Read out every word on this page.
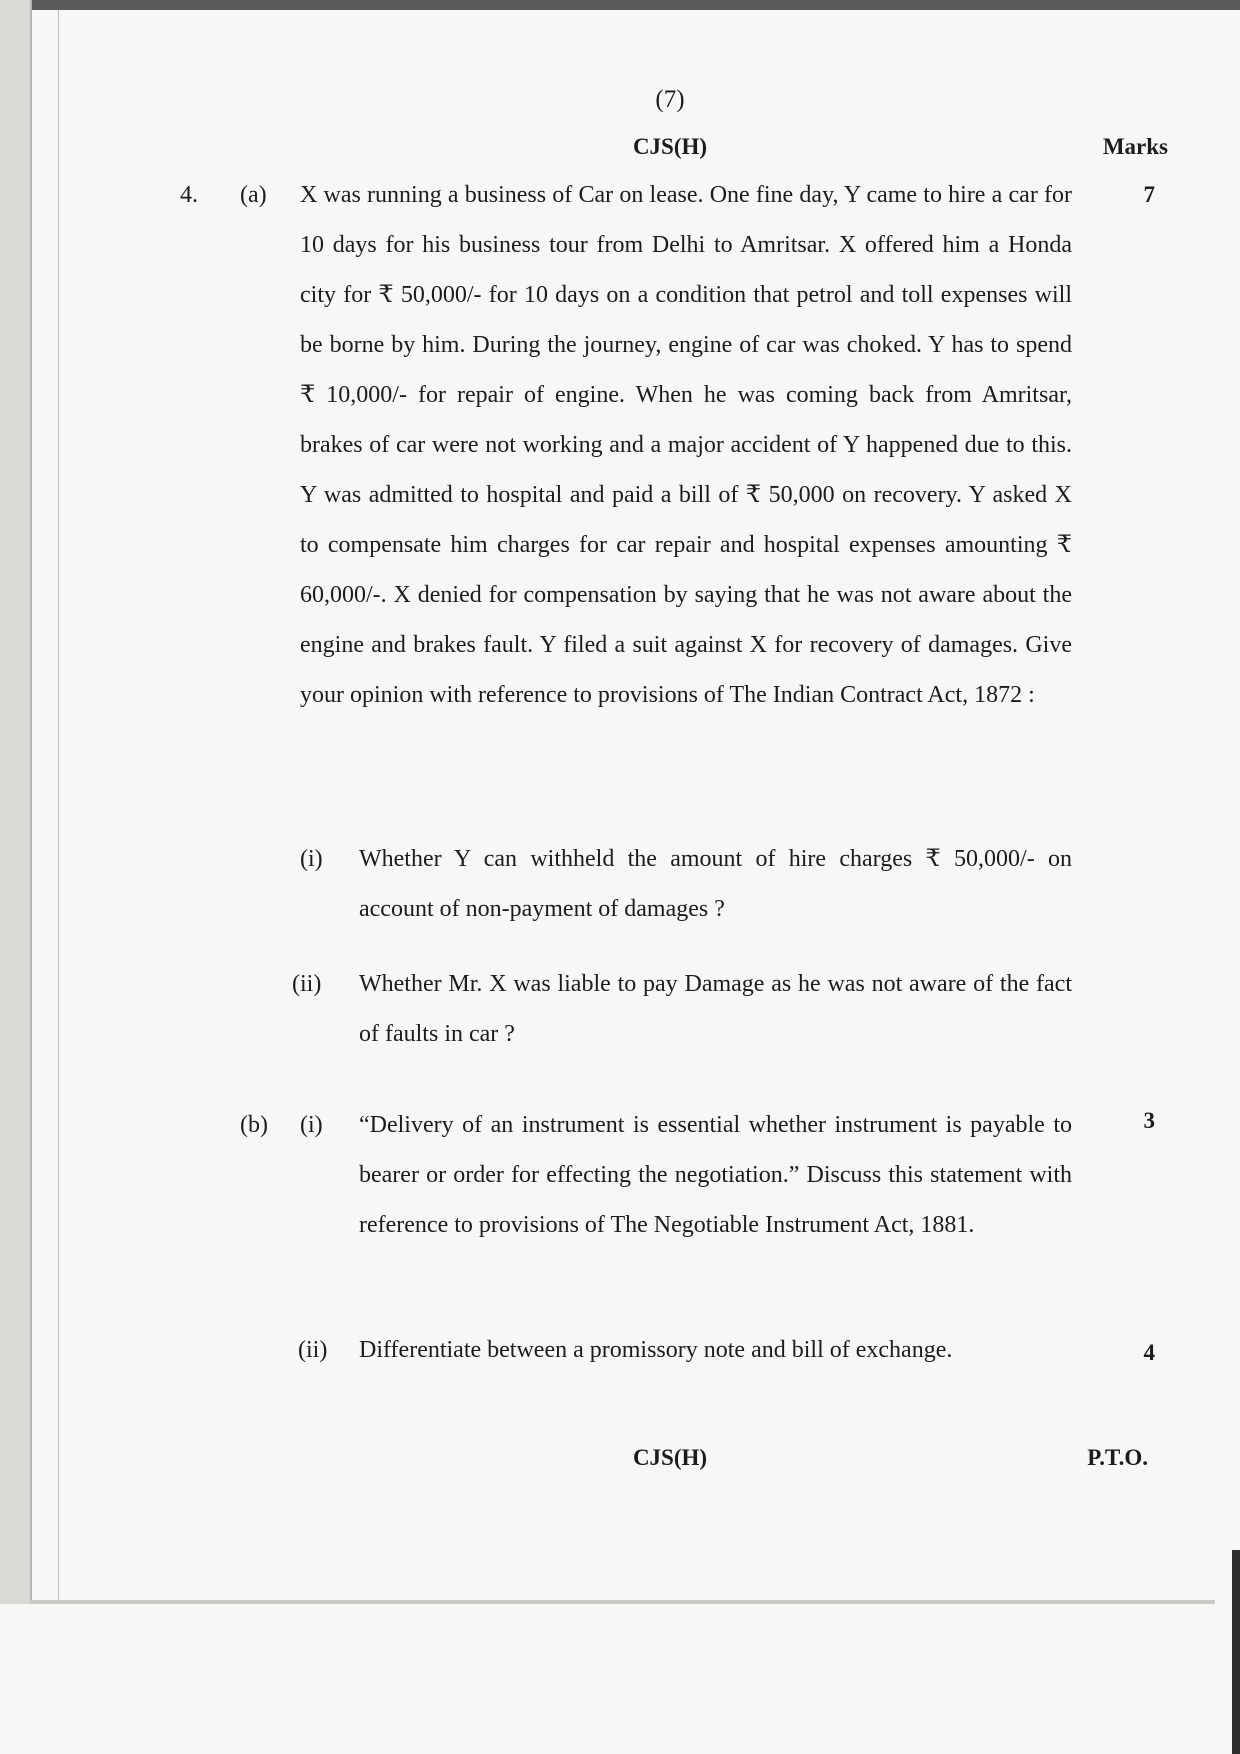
(7)
CJS(H)	Marks
4. (a)	7
X was running a business of Car on lease. One fine day, Y came to hire a car for 10 days for his business tour from Delhi to Amritsar. X offered him a Honda city for ₹ 50,000/- for 10 days on a condition that petrol and toll expenses will be borne by him. During the journey, engine of car was choked. Y has to spend ₹ 10,000/- for repair of engine. When he was coming back from Amritsar, brakes of car were not working and a major accident of Y happened due to this. Y was admitted to hospital and paid a bill of ₹ 50,000 on recovery. Y asked X to compensate him charges for car repair and hospital expenses amounting ₹ 60,000/-. X denied for compensation by saying that he was not aware about the engine and brakes fault. Y filed a suit against X for recovery of damages. Give your opinion with reference to provisions of The Indian Contract Act, 1872 :
(i) Whether Y can withheld the amount of hire charges ₹ 50,000/- on account of non-payment of damages ?
(ii) Whether Mr. X was liable to pay Damage as he was not aware of the fact of faults in car ?
(b) (i)	3
“Delivery of an instrument is essential whether instrument is payable to bearer or order for effecting the negotiation.” Discuss this statement with reference to provisions of The Negotiable Instrument Act, 1881.
(ii)	4
Differentiate between a promissory note and bill of exchange.
CJS(H)	P.T.O.
